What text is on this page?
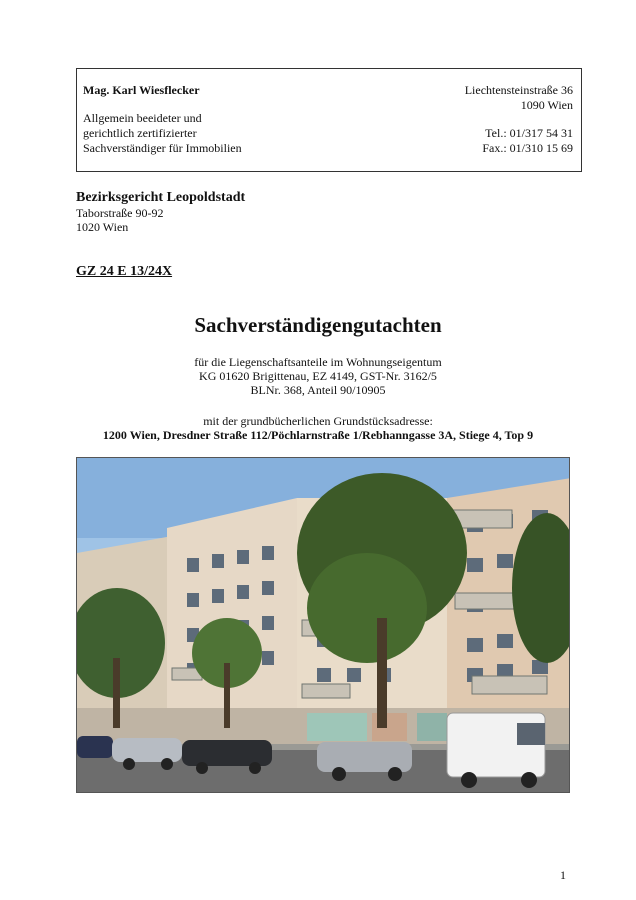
Mag. Karl Wiesflecker
Allgemein beeideter und
gerichtlich zertifizierter
Sachverständiger für Immobilien
Liechtensteinstraße 36
1090 Wien
Tel.: 01/317 54 31
Fax.: 01/310 15 69
Bezirksgericht Leopoldstadt
Taborstraße 90-92
1020 Wien
GZ 24 E 13/24X
Sachverständigengutachten
für die Liegenschaftsanteile im Wohnungseigentum
KG 01620 Brigittenau, EZ 4149, GST-Nr. 3162/5
BLNr. 368, Anteil 90/10905
mit der grundbücherlichen Grundstücksadresse:
1200 Wien, Dresdner Straße 112/Pöchlarnstraße 1/Rebhanngasse 3A, Stiege 4, Top 9
1
